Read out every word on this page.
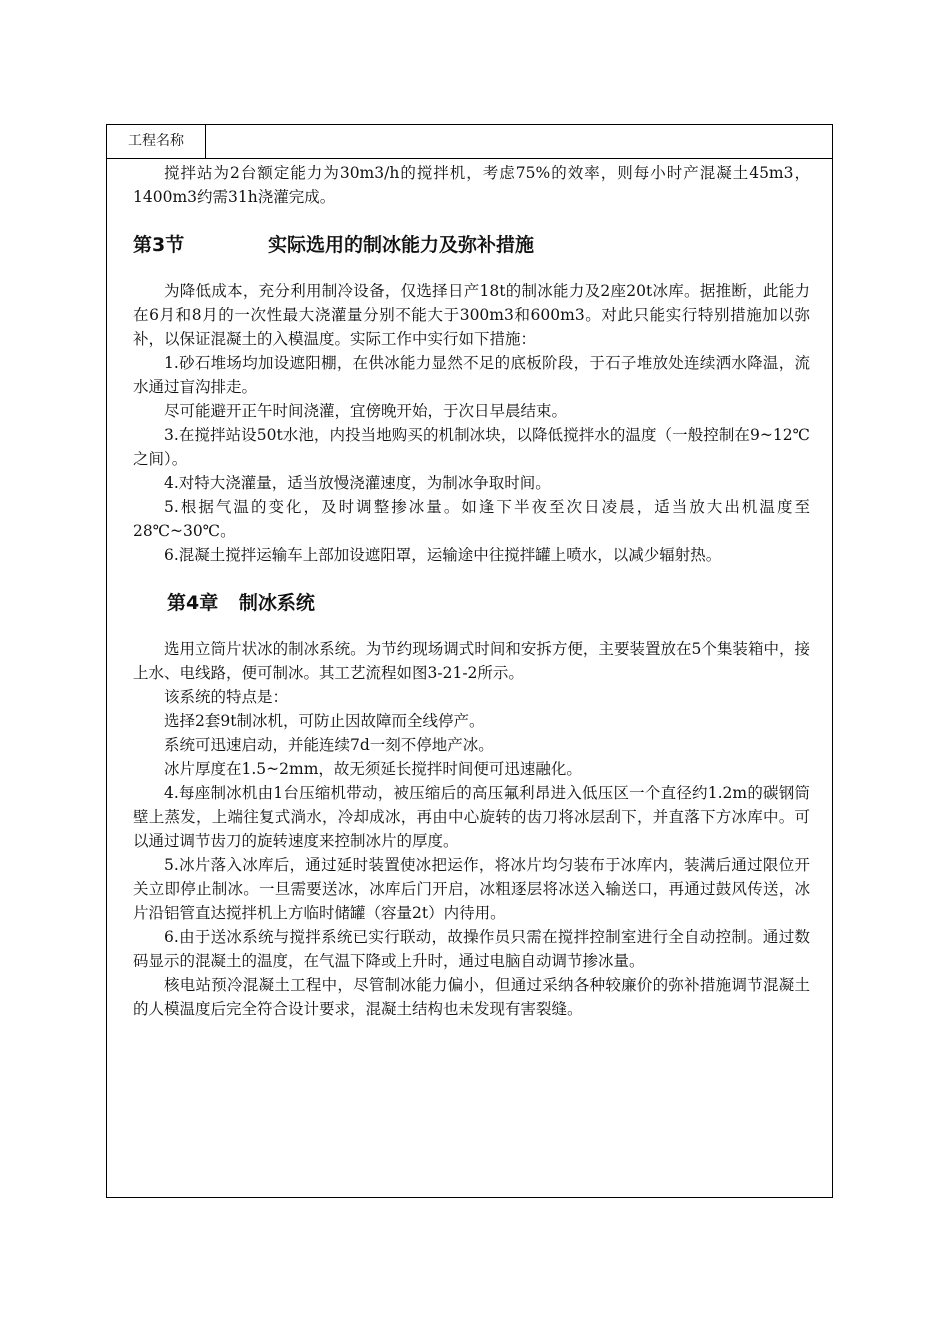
工程名称

搅拌站为2台额定能力为30m3/h的搅拌机，考虑75%的效率，则每小时产混凝土45m3，1400m3约需31h浇灌完成。

第3节	实际选用的制冰能力及弥补措施

为降低成本，充分利用制冷设备，仅选择日产18t的制冰能力及2座20t冰库。据推断，此能力在6月和8月的一次性最大浇灌量分别不能大于300m3和600m3。对此只能实行特别措施加以弥补，以保证混凝土的入模温度。实际工作中实行如下措施：

1.砂石堆场均加设遮阳棚，在供冰能力显然不足的底板阶段，于石子堆放处连续洒水降温，流水通过盲沟排走。

尽可能避开正午时间浇灌，宜傍晚开始，于次日早晨结束。

3.在搅拌站设50t水池，内投当地购买的机制冰块，以降低搅拌水的温度（一般控制在9~12℃之间）。

4.对特大浇灌量，适当放慢浇灌速度，为制冰争取时间。

5.根据气温的变化，及时调整掺冰量。如逢下半夜至次日凌晨，适当放大出机温度至28℃~30℃。

6.混凝土搅拌运输车上部加设遮阳罩，运输途中往搅拌罐上喷水，以减少辐射热。

第4章 制冰系统

选用立筒片状冰的制冰系统。为节约现场调式时间和安拆方便，主要装置放在5个集装箱中，接上水、电线路，便可制冰。其工艺流程如图3-21-2所示。

该系统的特点是：

选择2套9t制冰机，可防止因故障而全线停产。

系统可迅速启动，并能连续7d一刻不停地产冰。

冰片厚度在1.5~2mm，故无须延长搅拌时间便可迅速融化。

4.每座制冰机由1台压缩机带动，被压缩后的高压氟利昂进入低压区一个直径约1.2m的碳钢筒壁上蒸发，上端往复式淌水，冷却成冰，再由中心旋转的齿刀将冰层刮下，并直落下方冰库中。可以通过调节齿刀的旋转速度来控制冰片的厚度。

5.冰片落入冰库后，通过延时装置使冰把运作，将冰片均匀装布于冰库内，装满后通过限位开关立即停止制冰。一旦需要送冰，冰库后门开启，冰粗逐层将冰送入输送口，再通过鼓风传送，冰片沿铝管直达搅拌机上方临时储罐（容量2t）内待用。

6.由于送冰系统与搅拌系统已实行联动，故操作员只需在搅拌控制室进行全自动控制。通过数码显示的混凝土的温度，在气温下降或上升时，通过电脑自动调节掺冰量。

核电站预冷混凝土工程中，尽管制冰能力偏小，但通过采纳各种较廉价的弥补措施调节混凝土的人模温度后完全符合设计要求，混凝土结构也未发现有害裂缝。
